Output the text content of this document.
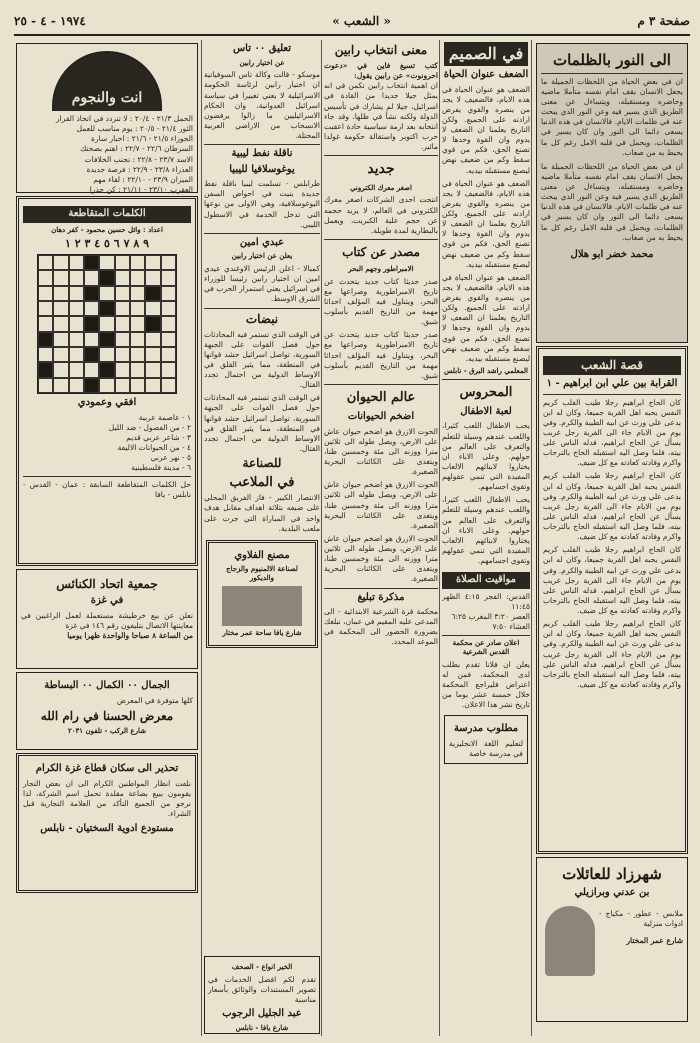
صفحة ٣ م
« الشعب »
١٩٧٤ - ٤ - ٢٥
الى النور بالظلمات
ان في بعض الحياة من اللحظات الجميلة ما يجعل الانسان يقف امام نفسه متأملا ماضيه وحاضره ومستقبله، ويتساءل عن معنى الطريق الذي يسير فيه وعن النور الذي يبحث عنه في ظلمات الايام. فالانسان في هذه الدنيا يسعى دائما الى النور وان كان يسير في الظلمات، ويحمل في قلبه الامل رغم كل ما يحيط به من صعاب.
ان في بعض الحياة من اللحظات الجميلة ما يجعل الانسان يقف امام نفسه متأملا ماضيه وحاضره ومستقبله، ويتساءل عن معنى الطريق الذي يسير فيه وعن النور الذي يبحث عنه في ظلمات الايام. فالانسان في هذه الدنيا يسعى دائما الى النور وان كان يسير في الظلمات، ويحمل في قلبه الامل رغم كل ما يحيط به من صعاب.
محمد خضر ابو هلال
قصة الشعب
القرابة بين علي ابن ابراهيم - ١
كان الحاج ابراهيم رجلا طيب القلب كريم النفس يحبه اهل القرية جميعا، وكان له ابن يدعى علي ورث عن ابيه الطيبة والكرم. وفي يوم من الايام جاء الى القرية رجل غريب يسأل عن الحاج ابراهيم، فدله الناس على بيته، فلما وصل اليه استقبله الحاج بالترحاب واكرم وفادته كعادته مع كل ضيف.
كان الحاج ابراهيم رجلا طيب القلب كريم النفس يحبه اهل القرية جميعا، وكان له ابن يدعى علي ورث عن ابيه الطيبة والكرم. وفي يوم من الايام جاء الى القرية رجل غريب يسأل عن الحاج ابراهيم، فدله الناس على بيته، فلما وصل اليه استقبله الحاج بالترحاب واكرم وفادته كعادته مع كل ضيف.
كان الحاج ابراهيم رجلا طيب القلب كريم النفس يحبه اهل القرية جميعا، وكان له ابن يدعى علي ورث عن ابيه الطيبة والكرم. وفي يوم من الايام جاء الى القرية رجل غريب يسأل عن الحاج ابراهيم، فدله الناس على بيته، فلما وصل اليه استقبله الحاج بالترحاب واكرم وفادته كعادته مع كل ضيف.
كان الحاج ابراهيم رجلا طيب القلب كريم النفس يحبه اهل القرية جميعا، وكان له ابن يدعى علي ورث عن ابيه الطيبة والكرم. وفي يوم من الايام جاء الى القرية رجل غريب يسأل عن الحاج ابراهيم، فدله الناس على بيته، فلما وصل اليه استقبله الحاج بالترحاب واكرم وفادته كعادته مع كل ضيف.
شهرزاد للعائلات
بن عدني وبرازيلي
ملابس - عطور - مكياج - ادوات منزلية
شارع عمر المختار
في الصميم
الضعف عنوان الحياة
الضعف هو عنوان الحياة في هذه الايام، فالضعيف لا يجد من ينصره والقوي يفرض ارادته على الجميع. ولكن التاريخ يعلمنا ان الضعف لا يدوم وان القوة وحدها لا تصنع الحق، فكم من قوي سقط وكم من ضعيف نهض ليصنع مستقبله بيديه.
الضعف هو عنوان الحياة في هذه الايام، فالضعيف لا يجد من ينصره والقوي يفرض ارادته على الجميع. ولكن التاريخ يعلمنا ان الضعف لا يدوم وان القوة وحدها لا تصنع الحق، فكم من قوي سقط وكم من ضعيف نهض ليصنع مستقبله بيديه.
الضعف هو عنوان الحياة في هذه الايام، فالضعيف لا يجد من ينصره والقوي يفرض ارادته على الجميع. ولكن التاريخ يعلمنا ان الضعف لا يدوم وان القوة وحدها لا تصنع الحق، فكم من قوي سقط وكم من ضعيف نهض ليصنع مستقبله بيديه.
المعلمي راشد البرق - نابلس
المحروس
لعبة الاطفال
يحب الاطفال اللعب كثيرا، واللعب عندهم وسيلة للتعلم والتعرف على العالم من حولهم. وعلى الاباء ان يختاروا لابنائهم الالعاب المفيدة التي تنمي عقولهم وتقوي اجسامهم.
يحب الاطفال اللعب كثيرا، واللعب عندهم وسيلة للتعلم والتعرف على العالم من حولهم. وعلى الاباء ان يختاروا لابنائهم الالعاب المفيدة التي تنمي عقولهم وتقوي اجسامهم.
مواقيت الصلاة
القدس: الفجر ٤:١٥ الظهر ١١:٤٥
العصر ٣:٢٠ المغرب ٦:٢٥
العشاء ٧:٥٠
اعلان صادر عن محكمة القدس الشرعية
يعلن ان فلانا تقدم بطلب لدى المحكمة، فمن له اعتراض فليراجع المحكمة خلال خمسة عشر يوما من تاريخ نشر هذا الاعلان.
مطلوب مدرسة
لتعليم اللغة الانجليزية في مدرسة خاصة
معنى انتخاب رابين
كتب تسيغ فاين في «دعوت احرونوت» عن رابين يقول:
ان اهمية انتخاب رابين تكمن في انه يمثل جيلا جديدا من القادة في اسرائيل، جيلا لم يشارك في تأسيس الدولة ولكنه نشأ في ظلها. وقد جاء انتخابه بعد ازمة سياسية حادة اعقبت حرب اكتوبر واستقالة حكومة غولدا مائير.
جديد
اصغر معرك الكتروني
انتجت احدى الشركات اصغر معرك الكتروني في العالم، لا يزيد حجمه عن حجم علبة الكبريت، ويعمل بالبطارية لمدة طويلة.
مصدر عن كتاب
الامبراطور وجهم البحر
صدر حديثا كتاب جديد يتحدث عن تاريخ الامبراطورية وصراعها مع البحر، ويتناول فيه المؤلف احداثا مهمة من التاريخ القديم بأسلوب شيق.
صدر حديثا كتاب جديد يتحدث عن تاريخ الامبراطورية وصراعها مع البحر، ويتناول فيه المؤلف احداثا مهمة من التاريخ القديم بأسلوب شيق.
عالم الحيوان
اضخم الحيوانات
الحوت الازرق هو اضخم حيوان عاش على الارض، ويصل طوله الى ثلاثين مترا ووزنه الى مئة وخمسين طنا، ويتغذى على الكائنات البحرية الصغيرة.
الحوت الازرق هو اضخم حيوان عاش على الارض، ويصل طوله الى ثلاثين مترا ووزنه الى مئة وخمسين طنا، ويتغذى على الكائنات البحرية الصغيرة.
الحوت الازرق هو اضخم حيوان عاش على الارض، ويصل طوله الى ثلاثين مترا ووزنه الى مئة وخمسين طنا، ويتغذى على الكائنات البحرية الصغيرة.
مذكرة تبليغ
محكمة قرة الشرعية الابتدائية - الى المدعى عليه المقيم في عمان، نبلغك بضرورة الحضور الى المحكمة في الموعد المحدد.
تعليق ٠٠ تاس
عن اختيار رابين
موسكو - قالت وكالة تاس السوفياتية ان اختيار رابين لرئاسة الحكومة الاسرائيلية لا يعني تغييرا في سياسة اسرائيل العدوانية، وان الحكام الاسرائيليين ما زالوا يرفضون الانسحاب من الاراضي العربية المحتلة.
ناقلة نفط ليبية
يوغوسلافيا لليبيا
طرابلس - تسلمت ليبيا ناقلة نفط جديدة بنيت في احواض السفن اليوغوسلافية، وهي الاولى من نوعها التي تدخل الخدمة في الاسطول الليبي.
عبدي امين
يعلن عن اختيار رابين
كمبالا - اعلن الرئيس الاوغندي عيدي امين ان اختيار رابين رئيسا للوزراء في اسرائيل يعني استمرار الحرب في الشرق الاوسط.
نبضات
في الوقت الذي تستمر فيه المحادثات حول فصل القوات على الجبهة السورية، تواصل اسرائيل حشد قواتها في المنطقة، مما يثير القلق في الاوساط الدولية من احتمال تجدد القتال.
في الوقت الذي تستمر فيه المحادثات حول فصل القوات على الجبهة السورية، تواصل اسرائيل حشد قواتها في المنطقة، مما يثير القلق في الاوساط الدولية من احتمال تجدد القتال.
للصناعة
في الملاعب
الانتصار الكبير - فاز الفريق المحلي على ضيفه بثلاثة اهداف مقابل هدف واحد في المباراة التي جرت على ملعب البلدية.
مصنع الفلاوي
لصناعة الالمنيوم والزجاج والديكور
شارع يافا ساحة عمر مختار
انت والنجوم
الحمل ٢١/٣ - ٢٠/٤ : لا تتردد في اتخاذ القرار
الثور ٢١/٤ - ٢٠/٥ : يوم مناسب للعمل
الجوزاء ٢١/٥ - ٢١/٦ : اخبار سارة
السرطان ٢٢/٦ - ٢٢/٧ : اهتم بصحتك
الاسد ٢٣/٧ - ٢٢/٨ : تجنب الخلافات
العذراء ٢٣/٨ - ٢٢/٩ : فرصة جديدة
الميزان ٢٣/٩ - ٢٢/١٠ : لقاء مهم
العقرب ٢٣/١٠ - ٢١/١١ : كن حذرا
الكلمات المتقاطعة
اعداد : وائل حسين محمود - كفر دهان
٩ ٨ ٧ ٦ ٥ ٤ ٣ ٢ ١
افقي وعمودي
١ - عاصمة عربية
٢ - من الفصول - ضد الليل
٣ - شاعر عربي قديم
٤ - من الحيوانات الاليفة
٥ - نهر عربي
٦ - مدينة فلسطينية
حل الكلمات المتقاطعة السابقة : عمان - القدس - نابلس - يافا
جمعية اتحاد الكنائس
في غزة
تعلن عن بيع خرطيشة مستعملة لعمل الراغبين في معاينتها الاتصال بتليفون رقم ١٤٦ في غزة
من الساعة ٨ صباحا والواحدة ظهرا يوميا
الجمال ٠٠ الكمال ٠٠ البساطة
كلها متوفرة في المعرض
معرض الحسنا في رام الله
شارع الركب - تلفون ٢٠٣١
تحذير الى سكان قطاع غزة الكرام
نلفت انظار المواطنين الكرام الى ان بعض التجار يقومون ببيع بضاعة مقلدة تحمل اسم الشركة، لذا نرجو من الجميع التأكد من العلامة التجارية قبل الشراء.
مستودع ادوية السختيان - نابلس
الخير انواع - الصحف
تقدم لكم افضل الخدمات في تصوير المستندات والوثائق بأسعار مناسبة
عبد الجليل الرجوب
شارع يافا - نابلس
